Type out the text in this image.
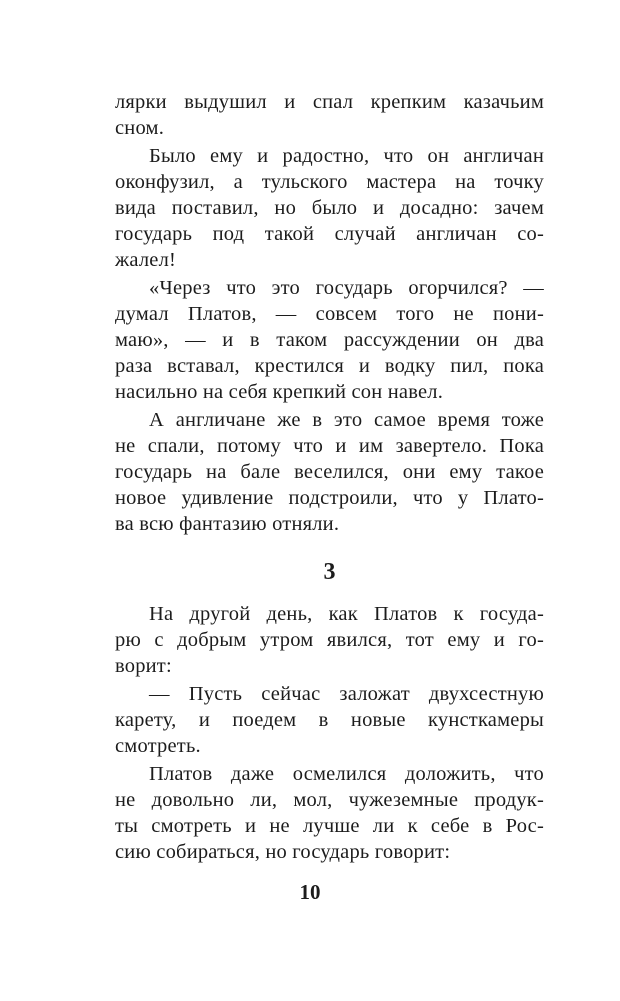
лярки выдушил и спал крепким казачьим
сном.
Было ему и радостно, что он англичан
оконфузил, а тульского мастера на точку
вида поставил, но было и досадно: зачем
государь под такой случай англичан со-
жалел!
«Через что это государь огорчился? —
думал Платов, — совсем того не пони-
маю», — и в таком рассуждении он два
раза вставал, крестился и водку пил, пока
насильно на себя крепкий сон навел.
А англичане же в это самое время тоже
не спали, потому что и им завертело. Пока
государь на бале веселился, они ему такое
новое удивление подстроили, что у Плато-
ва всю фантазию отняли.
3
На другой день, как Платов к госуда-
рю с добрым утром явился, тот ему и го-
ворит:
— Пусть сейчас заложат двухсестную
карету, и поедем в новые кунсткамеры
смотреть.
Платов даже осмелился доложить, что
не довольно ли, мол, чужеземные продук-
ты смотреть и не лучше ли к себе в Рос-
сию собираться, но государь говорит:
10
